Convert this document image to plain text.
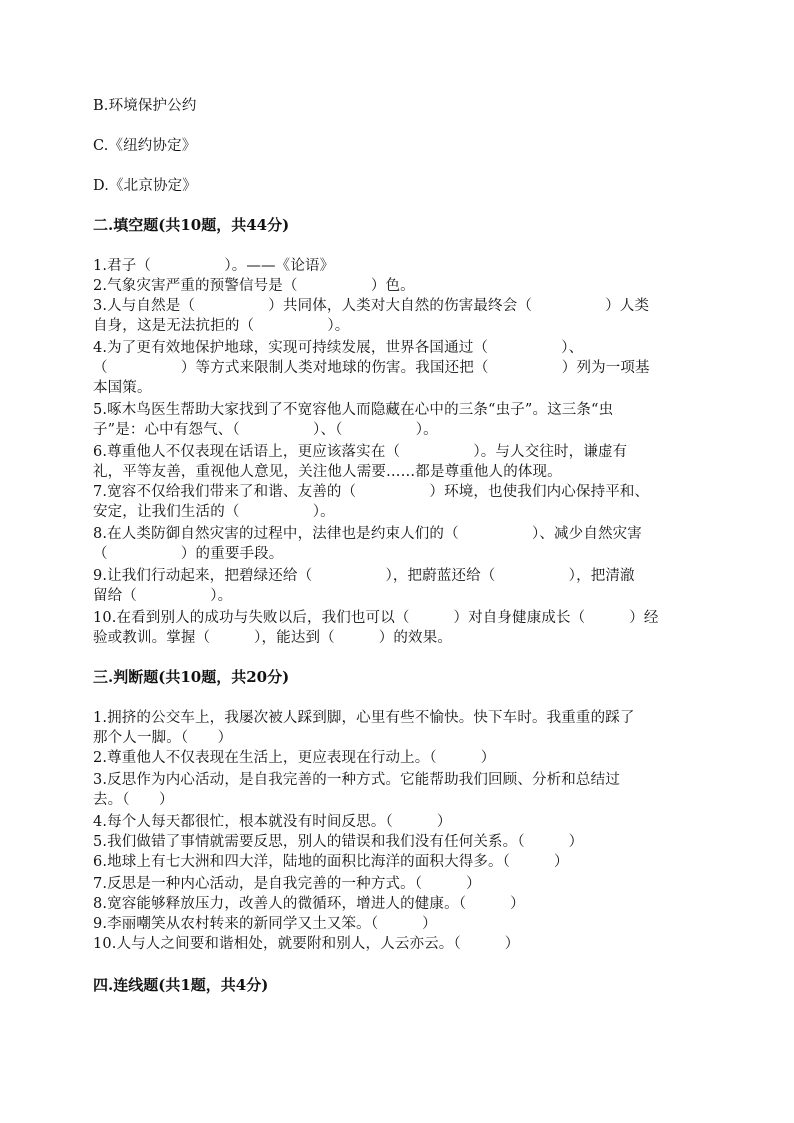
B.环境保护公约
C.《纽约协定》
D.《北京协定》
二.填空题(共10题，共44分)
1.君子（　　　　　）。——《论语》
2.气象灾害严重的预警信号是（　　　　　）色。
3.人与自然是（　　　　　）共同体，人类对大自然的伤害最终会（　　　　　）人类
自身，这是无法抗拒的（　　　　　）。
4.为了更有效地保护地球，实现可持续发展，世界各国通过（　　　　　）、
（　　　　　）等方式来限制人类对地球的伤害。我国还把（　　　　　）列为一项基
本国策。
5.啄木鸟医生帮助大家找到了不宽容他人而隐藏在心中的三条“虫子”。这三条“虫
子”是：心中有怨气、（　　　　　）、（　　　　　）。
6.尊重他人不仅表现在话语上，更应该落实在（　　　　　）。与人交往时，谦虚有
礼，平等友善，重视他人意见，关注他人需要……都是尊重他人的体现。
7.宽容不仅给我们带来了和谐、友善的（　　　　　）环境，也使我们内心保持平和、
安定，让我们生活的（　　　　　）。
8.在人类防御自然灾害的过程中，法律也是约束人们的（　　　　　）、减少自然灾害
（　　　　　）的重要手段。
9.让我们行动起来，把碧绿还给（　　　　　），把蔚蓝还给（　　　　　），把清澈
留给（　　　　　）。
10.在看到别人的成功与失败以后，我们也可以（　　　）对自身健康成长（　　　）经
验或教训。掌握（　　　），能达到（　　　）的效果。
三.判断题(共10题，共20分)
1.拥挤的公交车上，我屡次被人踩到脚，心里有些不愉快。快下车时。我重重的踩了
那个人一脚。（　　）
2.尊重他人不仅表现在生活上，更应表现在行动上。（　　　）
3.反思作为内心活动，是自我完善的一种方式。它能帮助我们回顾、分析和总结过
去。（　　）
4.每个人每天都很忙，根本就没有时间反思。（　　　）
5.我们做错了事情就需要反思，别人的错误和我们没有任何关系。（　　　）
6.地球上有七大洲和四大洋，陆地的面积比海洋的面积大得多。（　　　）
7.反思是一种内心活动，是自我完善的一种方式。（　　　）
8.宽容能够释放压力，改善人的微循环，增进人的健康。（　　　）
9.李丽嘲笑从农村转来的新同学又土又笨。（　　　）
10.人与人之间要和谐相处，就要附和别人，人云亦云。（　　　）
四.连线题(共1题，共4分)
